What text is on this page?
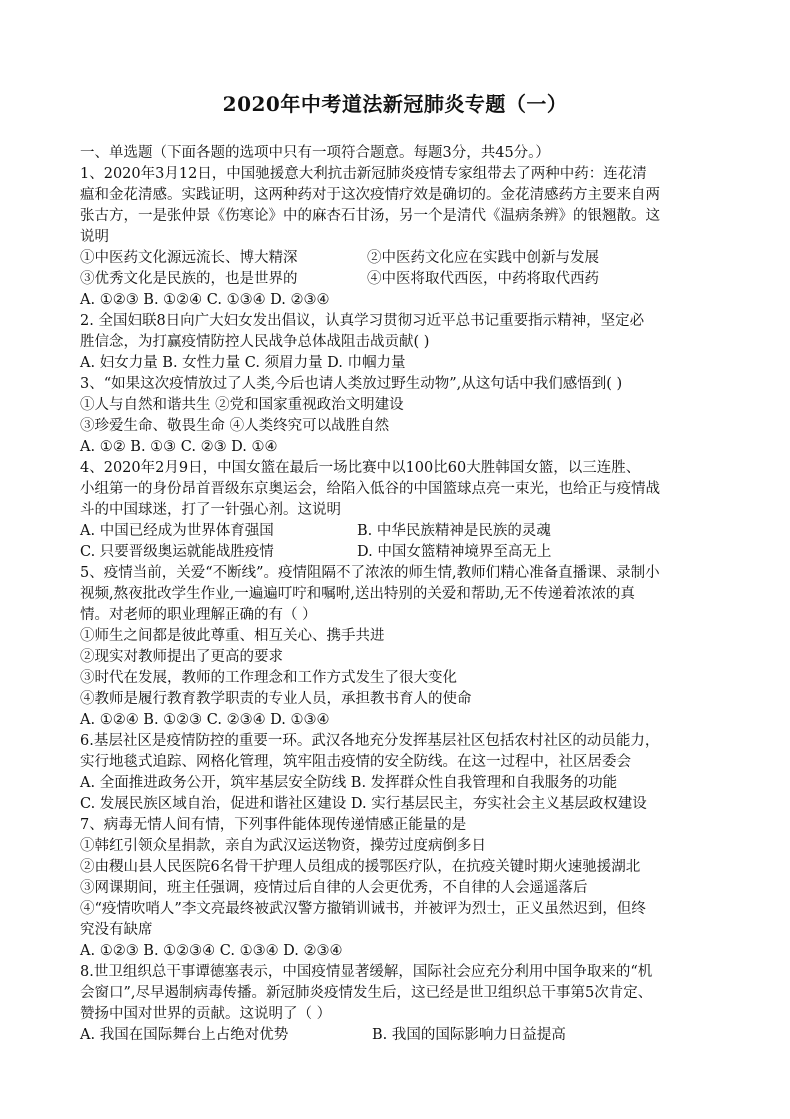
2020年中考道法新冠肺炎专题（一）
一、单选题（下面各题的选项中只有一项符合题意。每题3分，共45分。）
1、2020年3月12日，中国驰援意大利抗击新冠肺炎疫情专家组带去了两种中药：连花清
瘟和金花清感。实践证明，这两种药对于这次疫情疗效是确切的。金花清感药方主要来自两
张古方，一是张仲景《伤寒论》中的麻杏石甘汤，另一个是清代《温病条辨》的银翘散。这
说明
①中医药文化源远流长、博大精深	②中医药文化应在实践中创新与发展
③优秀文化是民族的，也是世界的	④中医将取代西医，中药将取代西药
A. ①②③ B. ①②④ C. ①③④ D. ②③④
2. 全国妇联8日向广大妇女发出倡议，认真学习贯彻习近平总书记重要指示精神，坚定必
胜信念，为打赢疫情防控人民战争总体战阻击战贡献( )
A. 妇女力量 B. 女性力量 C. 须眉力量 D. 巾帼力量
3、“如果这次疫情放过了人类,今后也请人类放过野生动物”,从这句话中我们感悟到( )
①人与自然和谐共生 ②党和国家重视政治文明建设
③珍爱生命、敬畏生命 ④人类终究可以战胜自然
A. ①② B. ①③ C. ②③ D. ①④
4、2020年2月9日，中国女篮在最后一场比赛中以100比60大胜韩国女篮，以三连胜、
小组第一的身份昂首晋级东京奥运会，给陷入低谷的中国篮球点亮一束光，也给正与疫情战
斗的中国球迷，打了一针强心剂。这说明
A. 中国已经成为世界体育强国	B. 中华民族精神是民族的灵魂
C. 只要晋级奥运就能战胜疫情	D. 中国女篮精神境界至高无上
5、疫情当前，关爱“不断线”。疫情阻隔不了浓浓的师生情,教师们精心准备直播课、录制小
视频,熬夜批改学生作业,一遍遍叮咛和嘱咐,送出特别的关爱和帮助,无不传递着浓浓的真
情。对老师的职业理解正确的有（ ）
①师生之间都是彼此尊重、相互关心、携手共进
②现实对教师提出了更高的要求
③时代在发展，教师的工作理念和工作方式发生了很大变化
④教师是履行教育教学职责的专业人员，承担教书育人的使命
A. ①②④ B. ①②③ C. ②③④ D. ①③④
6.基层社区是疫情防控的重要一环。武汉各地充分发挥基层社区包括农村社区的动员能力，
实行地毯式追踪、网格化管理，筑牢阻击疫情的安全防线。在这一过程中，社区居委会
A. 全面推进政务公开，筑牢基层安全防线 B. 发挥群众性自我管理和自我服务的功能
C. 发展民族区域自治，促进和谐社区建设 D. 实行基层民主，夯实社会主义基层政权建设
7、病毒无情人间有情，下列事件能体现传递情感正能量的是
①韩红引领众星捐款，亲自为武汉运送物资，操劳过度病倒多日
②由稷山县人民医院6名骨干护理人员组成的援鄂医疗队，在抗疫关键时期火速驰援湖北
③网课期间，班主任强调，疫情过后自律的人会更优秀，不自律的人会遥遥落后
④“疫情吹哨人”李文亮最终被武汉警方撤销训诫书，并被评为烈士，正义虽然迟到，但终
究没有缺席
A. ①②③ B. ①②③④ C. ①③④ D. ②③④
8.世卫组织总干事谭德塞表示，中国疫情显著缓解，国际社会应充分利用中国争取来的“机
会窗口”,尽早遏制病毒传播。新冠肺炎疫情发生后，这已经是世卫组织总干事第5次肯定、
赞扬中国对世界的贡献。这说明了（ ）
A. 我国在国际舞台上占绝对优势	B. 我国的国际影响力日益提高
